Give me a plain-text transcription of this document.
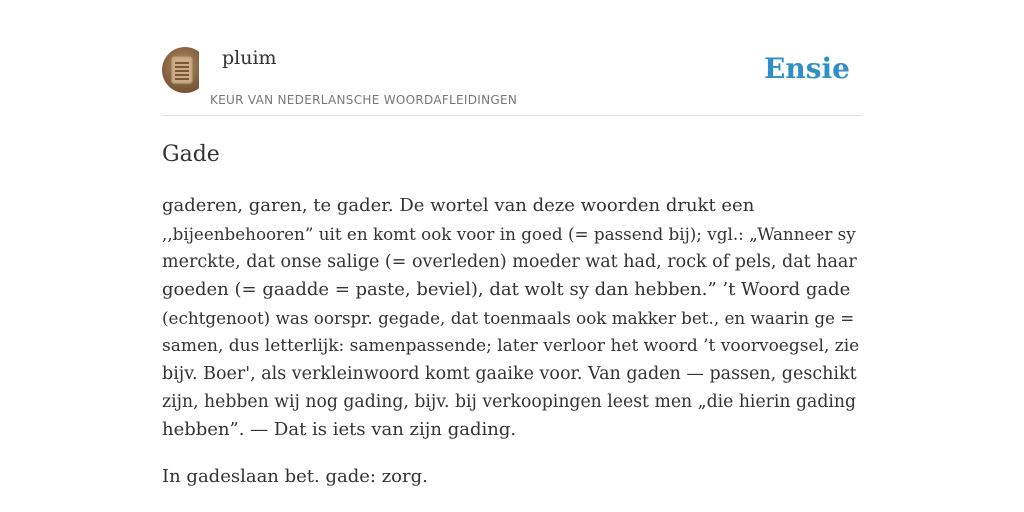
pluim
KEUR VAN NEDERLANSCHE WOORDAFLEIDINGEN
Ensie
Gade

gaderen, garen, te gader. De wortel van deze woorden drukt een

,,bijeenbehooren” uit en komt ook voor in goed (= passend bij); vgl.: „Wanneer sy

merckte, dat onse salige (= overleden) moeder wat had, rock of pels, dat haar

goeden (= gaadde = paste, beviel), dat wolt sy dan hebben.” ’t Woord gade

(echtgenoot) was oorspr. gegade, dat toenmaals ook makker bet., en waarin ge =

samen, dus letterlijk: samenpassende; later verloor het woord ’t voorvoegsel, zie

bijv. Boer', als verkleinwoord komt gaaike voor. Van gaden — passen, geschikt

zijn, hebben wij nog gading, bijv. bij verkoopingen leest men „die hierin gading

hebben”. — Dat is iets van zijn gading.

In gadeslaan bet. gade: zorg.
